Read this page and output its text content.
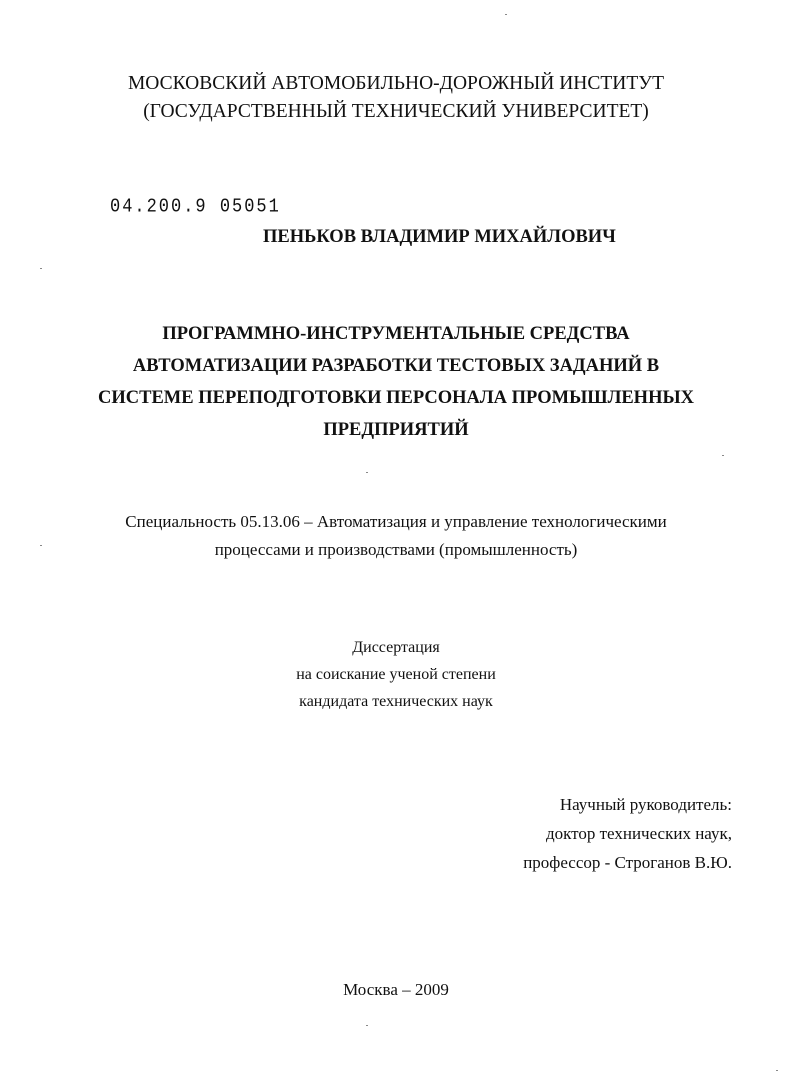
МОСКОВСКИЙ АВТОМОБИЛЬНО-ДОРОЖНЫЙ ИНСТИТУТ
(ГОСУДАРСТВЕННЫЙ ТЕХНИЧЕСКИЙ УНИВЕРСИТЕТ)
04.200.9 05051
ПЕНЬКОВ ВЛАДИМИР МИХАЙЛОВИЧ
ПРОГРАММНО-ИНСТРУМЕНТАЛЬНЫЕ СРЕДСТВА
АВТОМАТИЗАЦИИ РАЗРАБОТКИ ТЕСТОВЫХ ЗАДАНИЙ В
СИСТЕМЕ ПЕРЕПОДГОТОВКИ ПЕРСОНАЛА ПРОМЫШЛЕННЫХ
ПРЕДПРИЯТИЙ
Специальность 05.13.06 – Автоматизация и управление технологическими
процессами и производствами (промышленность)
Диссертация
на соискание ученой степени
кандидата технических наук
Научный руководитель:
доктор технических наук,
профессор - Строганов В.Ю.
Москва – 2009
